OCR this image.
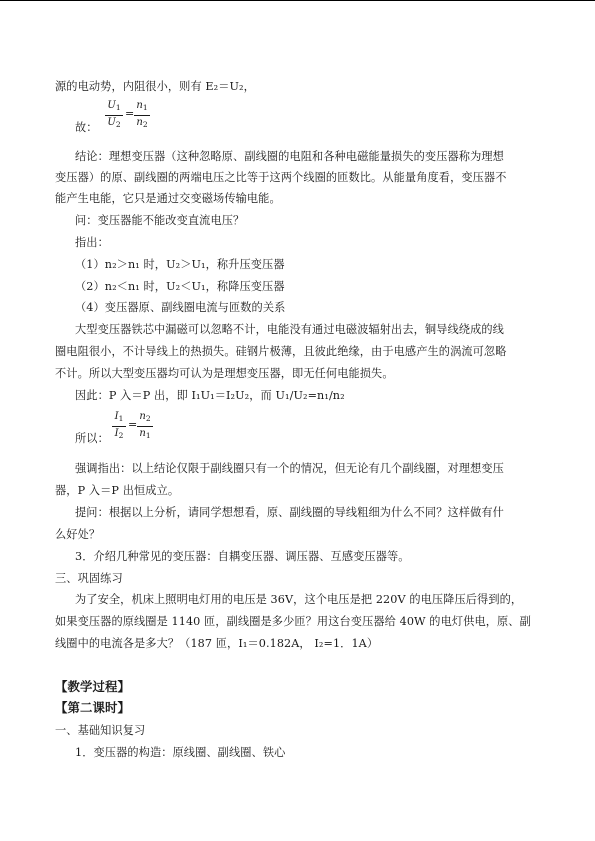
源的电动势，内阻很小，则有 E₂＝U₂，
故：
$U_1$
$U_2$
=
$n_1$
$n_2$
结论：理想变压器（这种忽略原、副线圈的电阻和各种电磁能量损失的变压器称为理想
变压器）的原、副线圈的两端电压之比等于这两个线圈的匝数比。从能量角度看，变压器不
能产生电能，它只是通过交变磁场传输电能。
问：变压器能不能改变直流电压？
指出：
（1）n₂＞n₁ 时，U₂＞U₁，称升压变压器
（2）n₂＜n₁ 时，U₂＜U₁，称降压变压器
（4）变压器原、副线圈电流与匝数的关系
大型变压器铁芯中漏磁可以忽略不计，电能没有通过电磁波辐射出去，铜导线绕成的线
圈电阻很小，不计导线上的热损失。硅钢片极薄，且彼此绝缘，由于电感产生的涡流可忽略
不计。所以大型变压器均可认为是理想变压器，即无任何电能损失。
因此：P 入＝P 出，即 I₁U₁＝I₂U₂，而 U₁/U₂=n₁/n₂
所以：
$I_1$
$I_2$
=
$n_2$
$n_1$
强调指出：以上结论仅限于副线圈只有一个的情况，但无论有几个副线圈，对理想变压
器，P 入＝P 出恒成立。
提问：根据以上分析，请同学想想看，原、副线圈的导线粗细为什么不同？这样做有什
么好处？
3．介绍几种常见的变压器：自耦变压器、调压器、互感变压器等。
三、巩固练习
为了安全，机床上照明电灯用的电压是 36V，这个电压是把 220V 的电压降压后得到的，
如果变压器的原线圈是 1140 匝，副线圈是多少匝？用这台变压器给 40W 的电灯供电，原、副
线圈中的电流各是多大？（187 匝，I₁＝0.182A， I₂=1．1A）
【教学过程】
【第二课时】
一、基础知识复习
1．变压器的构造：原线圈、副线圈、铁心
